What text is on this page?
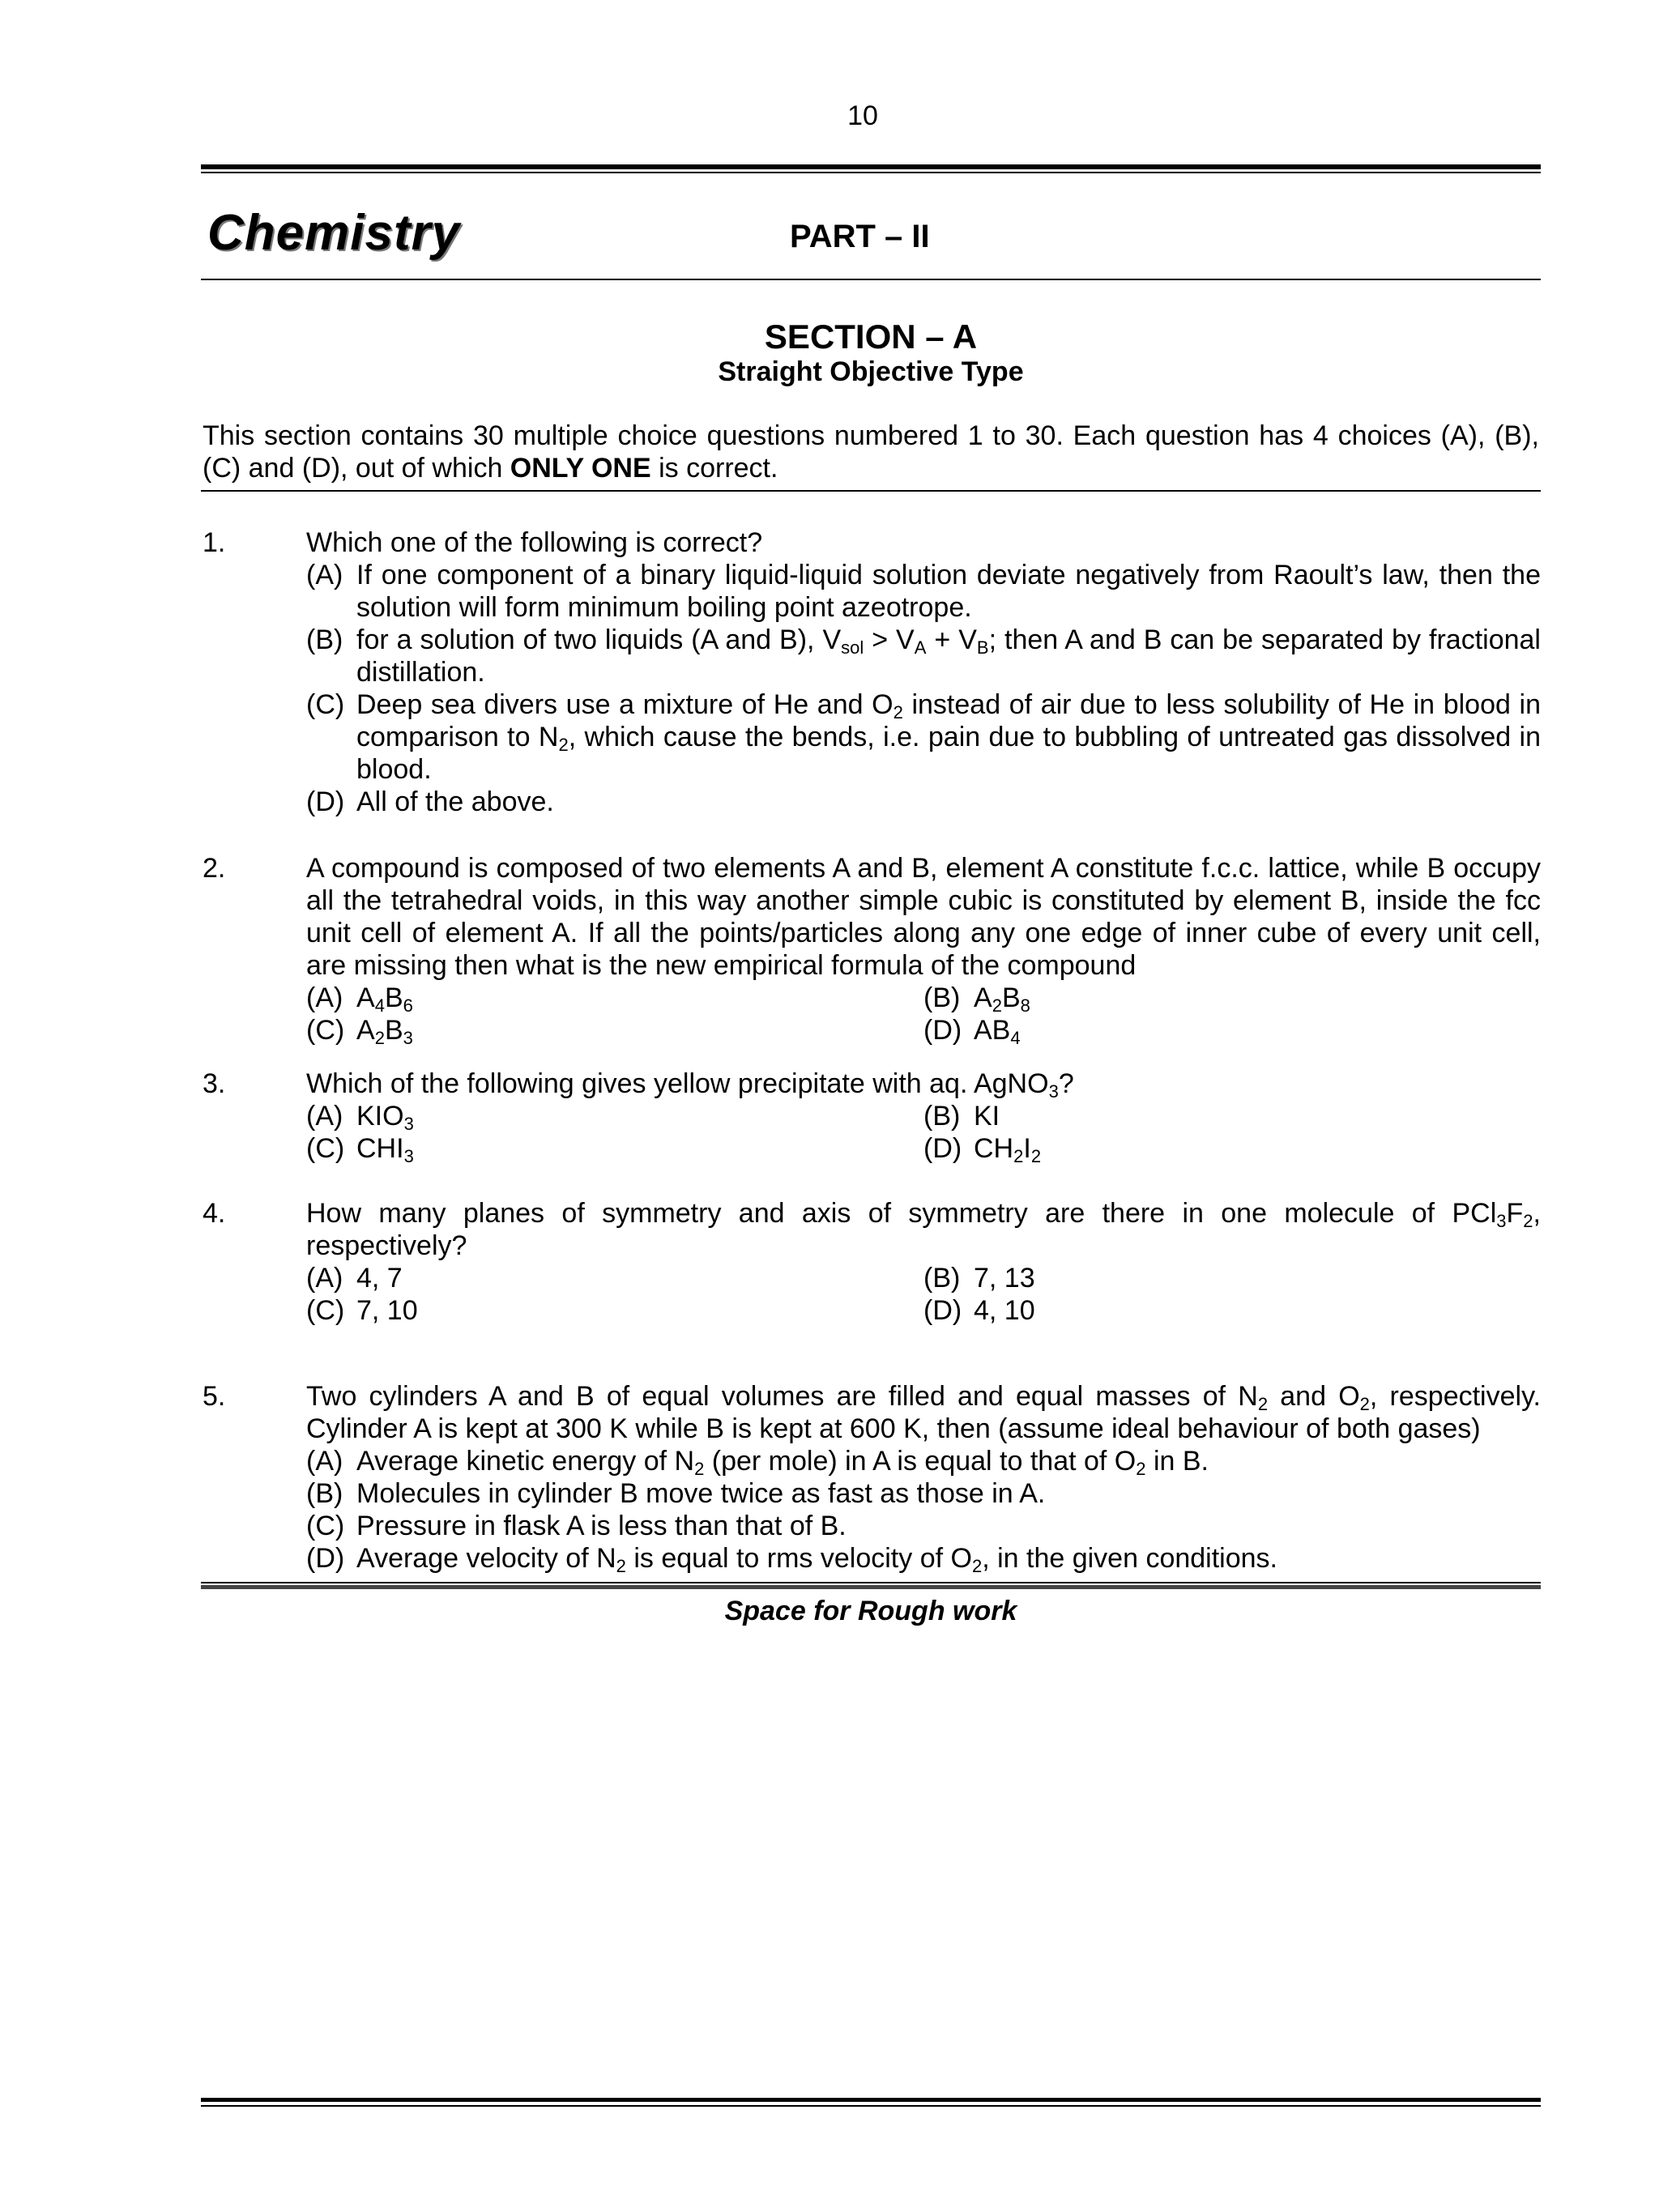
10
Chemistry	PART – II
SECTION – A
Straight Objective Type
This section contains 30 multiple choice questions numbered 1 to 30. Each question has 4 choices (A), (B), (C) and (D), out of which ONLY ONE is correct.
1.	Which one of the following is correct?
(A) If one component of a binary liquid-liquid solution deviate negatively from Raoult’s law, then the solution will form minimum boiling point azeotrope.
(B) for a solution of two liquids (A and B), $V_{sol} > V_A + V_B$; then A and B can be separated by fractional distillation.
(C) Deep sea divers use a mixture of He and $O_2$ instead of air due to less solubility of He in blood in comparison to $N_2$, which cause the bends, i.e. pain due to bubbling of untreated gas dissolved in blood.
(D) All of the above.
2.	A compound is composed of two elements A and B, element A constitute f.c.c. lattice, while B occupy all the tetrahedral voids, in this way another simple cubic is constituted by element B, inside the fcc unit cell of element A. If all the points/particles along any one edge of inner cube of every unit cell, are missing then what is the new empirical formula of the compound
(A) $A_4B_6$	(B) $A_2B_8$
(C) $A_2B_3$	(D) $AB_4$
3.	Which of the following gives yellow precipitate with aq. AgNO$_3$?
(A) $KIO_3$	(B) KI
(C) $CHI_3$	(D) $CH_2I_2$
4.	How many planes of symmetry and axis of symmetry are there in one molecule of $PCl_3F_2$, respectively?
(A) 4, 7	(B) 7, 13
(C) 7, 10	(D) 4, 10
5.	Two cylinders A and B of equal volumes are filled and equal masses of $N_2$ and $O_2$, respectively. Cylinder A is kept at 300 K while B is kept at 600 K, then (assume ideal behaviour of both gases)
(A) Average kinetic energy of $N_2$ (per mole) in A is equal to that of $O_2$ in B.
(B) Molecules in cylinder B move twice as fast as those in A.
(C) Pressure in flask A is less than that of B.
(D) Average velocity of $N_2$ is equal to rms velocity of $O_2$, in the given conditions.
Space for Rough work
